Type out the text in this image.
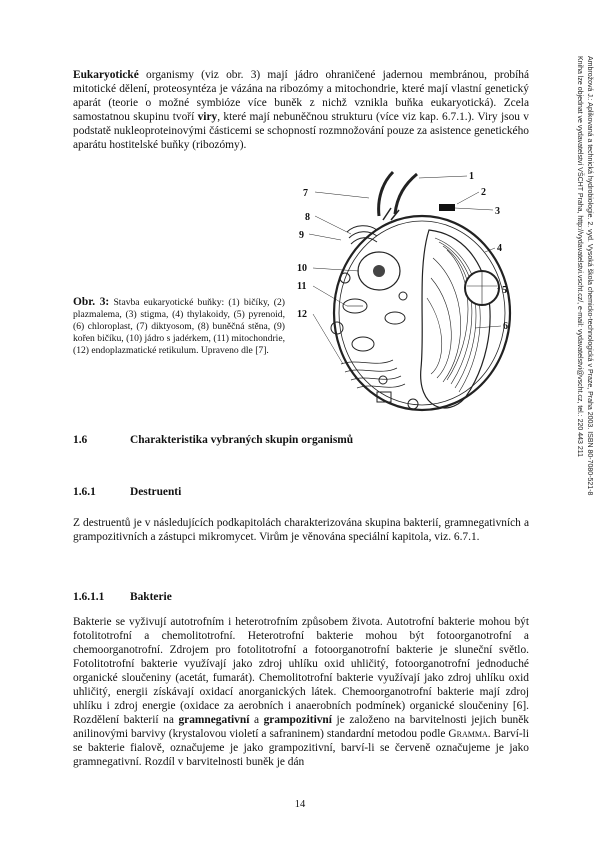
Eukaryotické organismy (viz obr. 3) mají jádro ohraničené jadernou membránou, probíhá mitotické dělení, proteosyntéza je vázána na ribozómy a mitochondrie, které mají vlastní genetický aparát (teorie o možné symbióze více buněk z nichž vznikla buňka eukaryotická). Zcela samostatnou skupinu tvoří viry, které mají nebuněčnou strukturu (více viz kap. 6.7.1.). Viry jsou v podstatě nukleoproteinovými částicemi se schopností rozmnožování pouze za asistence genetického aparátu hostitelské buňky (ribozómy).

7
8
9
10
11
12
1
2
3
4
5
6

Obr. 3: Stavba eukaryotické buňky: (1) bičíky, (2) plazmalema, (3) stigma, (4) thylakoidy, (5) pyrenoid, (6) chloroplast, (7) diktyosom, (8) buněčná stěna, (9) kořen bičíku, (10) jádro s jadérkem, (11) mitochondrie, (12) endoplazmatické retikulum. Upraveno dle [7].

1.6	Charakteristika vybraných skupin organismů

1.6.1	Destruenti

Z destruentů je v následujících podkapitolách charakterizována skupina bakterií, gramnegativních a grampozitivních a zástupci mikromycet. Virům je věnována speciální kapitola, viz. 6.7.1.

1.6.1.1 Bakterie

Bakterie se vyživují autotrofním i heterotrofním způsobem života. Autotrofní bakterie mohou být fotolitotrofní a chemolitotrofní. Heterotrofní bakterie mohou být fotoorganotrofní a chemoorganotrofní. Zdrojem pro fotolitotrofní a fotoorganotrofní bakterie je sluneční světlo. Fotolitotrofní bakterie využívají jako zdroj uhlíku oxid uhličitý, fotoorganotrofní jednoduché organické sloučeniny (acetát, fumarát). Chemolitotrofní bakterie využívají jako zdroj uhlíku oxid uhličitý, energii získávají oxidací anorganických látek. Chemoorganotrofní bakterie mají zdroj uhlíku i zdroj energie (oxidace za aerobních i anaerobních podmínek) organické sloučeniny [6]. Rozdělení bakterií na gramnegativní a grampozitivní je založeno na barvitelnosti jejich buněk anilinovými barvivy (krystalovou violetí a safraninem) standardní metodou podle Gramma. Barví-li se bakterie fialově, označujeme je jako grampozitivní, barví-li se červeně označujeme je jako gramnegativní. Rozdíl v barvitelnosti buněk je dán

Ambrožová J.: Aplikovaná a technická hydrobiologie. 2. vyd. Vysoká škola chemicko-technologická v Praze, Praha 2003. ISBN 80-7080-521-8
Kniha lze objednat ve vydavatelství VŠCHT Praha, http://vydavatelstvi.vscht.cz/, e-mail: vydavatelstvi@vscht.cz, tel.: 220 443 211
14
